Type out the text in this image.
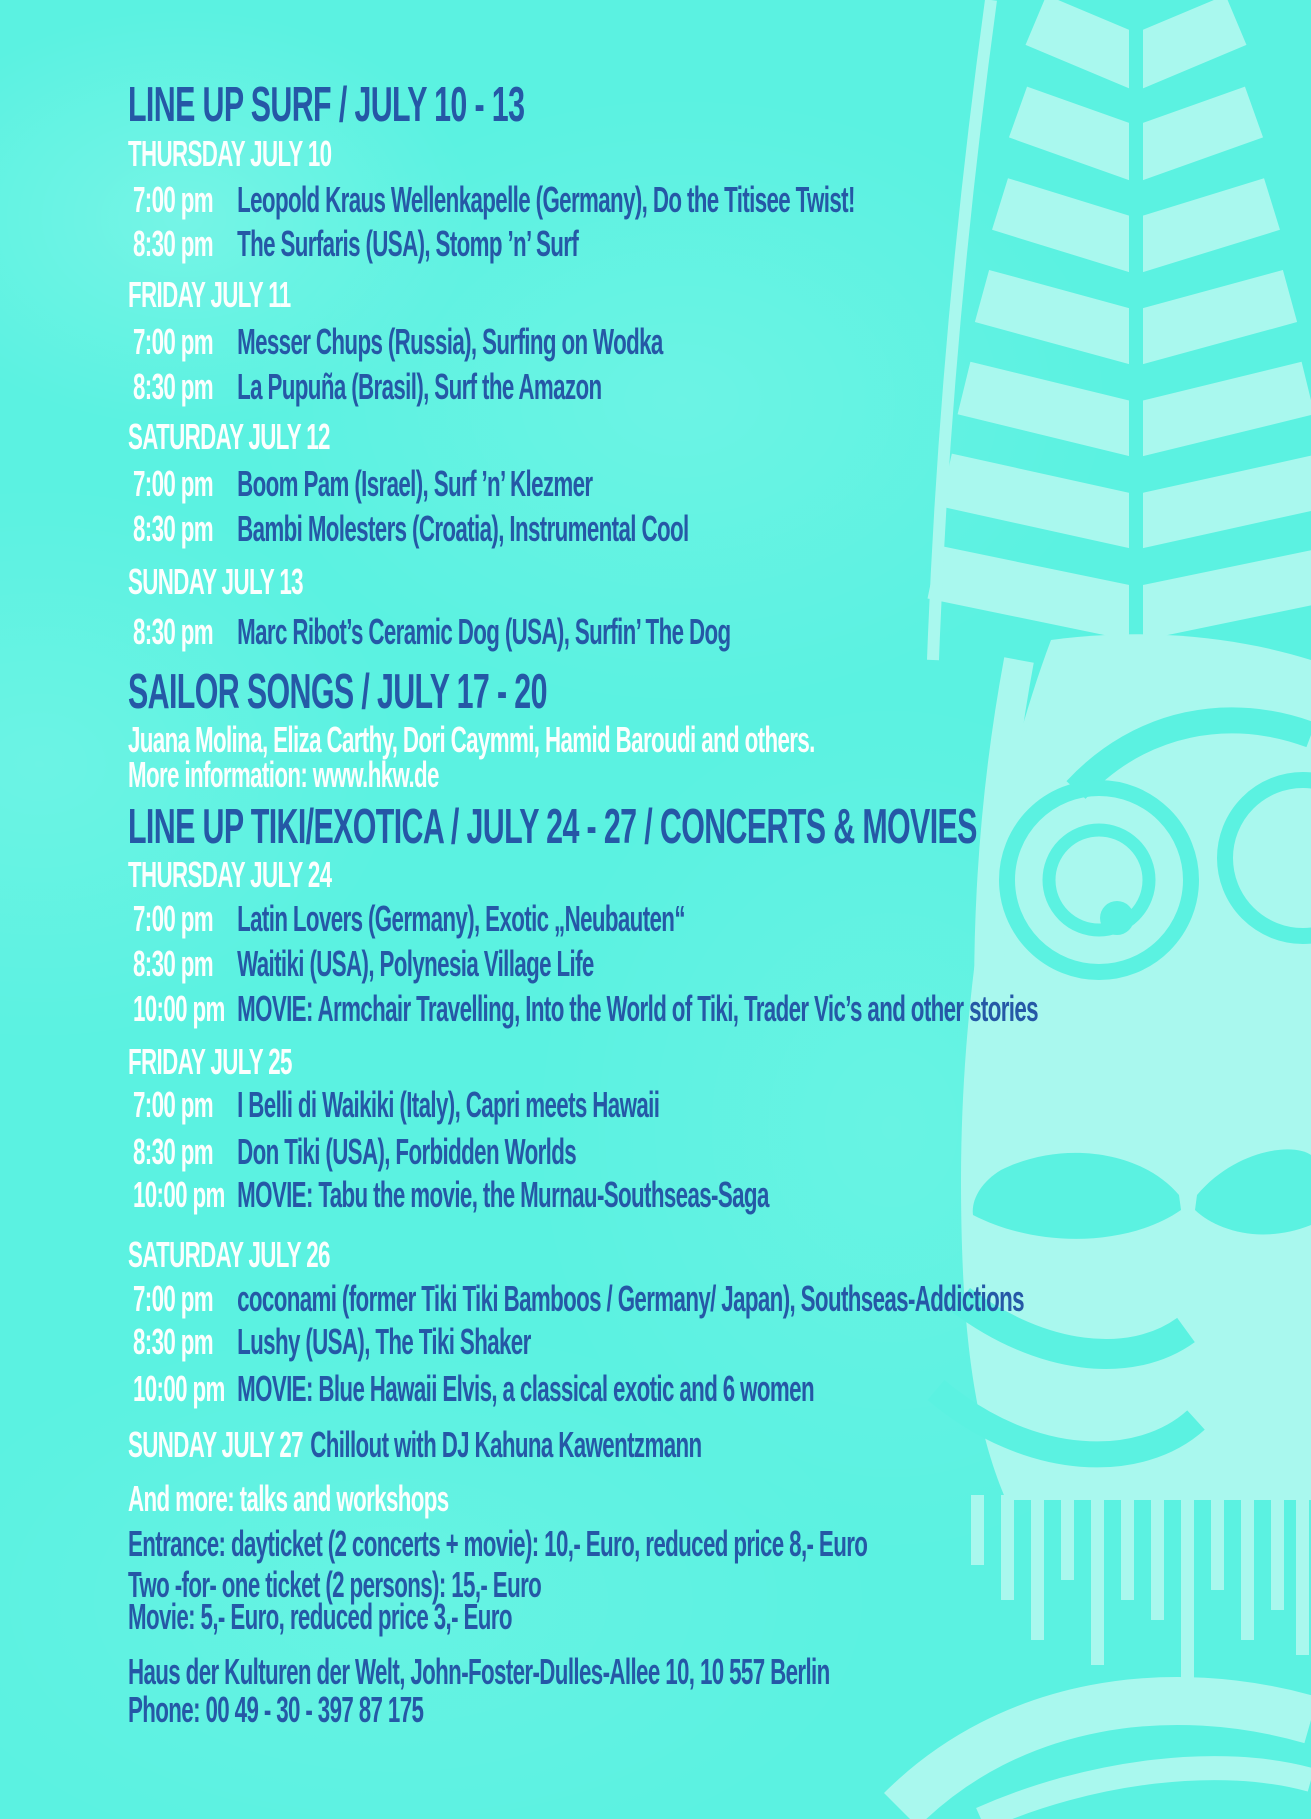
LINE UP SURF / JULY 10 - 13
THURSDAY JULY 10
7:00 pm Leopold Kraus Wellenkapelle (Germany), Do the Titisee Twist!
8:30 pm The Surfaris (USA), Stomp ’n’ Surf
FRIDAY JULY 11
7:00 pm Messer Chups (Russia), Surfing on Wodka
8:30 pm La Pupuña (Brasil), Surf the Amazon
SATURDAY JULY 12
7:00 pm Boom Pam (Israel), Surf ’n’ Klezmer
8:30 pm Bambi Molesters (Croatia), Instrumental Cool
SUNDAY JULY 13
8:30 pm Marc Ribot’s Ceramic Dog (USA), Surfin’ The Dog
SAILOR SONGS / JULY 17 - 20
Juana Molina, Eliza Carthy, Dori Caymmi, Hamid Baroudi and others.
More information: www.hkw.de
LINE UP TIKI/EXOTICA / JULY 24 - 27 / CONCERTS & MOVIES
THURSDAY JULY 24
7:00 pm Latin Lovers (Germany), Exotic „Neubauten“
8:30 pm Waitiki (USA), Polynesia Village Life
10:00 pm MOVIE: Armchair Travelling, Into the World of Tiki, Trader Vic’s and other stories
FRIDAY JULY 25
7:00 pm I Belli di Waikiki (Italy), Capri meets Hawaii
8:30 pm Don Tiki (USA), Forbidden Worlds
10:00 pm MOVIE: Tabu the movie, the Murnau-Southseas-Saga
SATURDAY JULY 26
7:00 pm coconami (former Tiki Tiki Bamboos / Germany/ Japan), Southseas-Addictions
8:30 pm Lushy (USA), The Tiki Shaker
10:00 pm MOVIE: Blue Hawaii Elvis, a classical exotic and 6 women
SUNDAY JULY 27 Chillout with DJ Kahuna Kawentzmann
And more: talks and workshops
Entrance: dayticket (2 concerts + movie): 10,- Euro, reduced price 8,- Euro
Two -for- one ticket (2 persons): 15,- Euro
Movie: 5,- Euro, reduced price 3,- Euro
Haus der Kulturen der Welt, John-Foster-Dulles-Allee 10, 10 557 Berlin
Phone: 00 49 - 30 - 397 87 175
